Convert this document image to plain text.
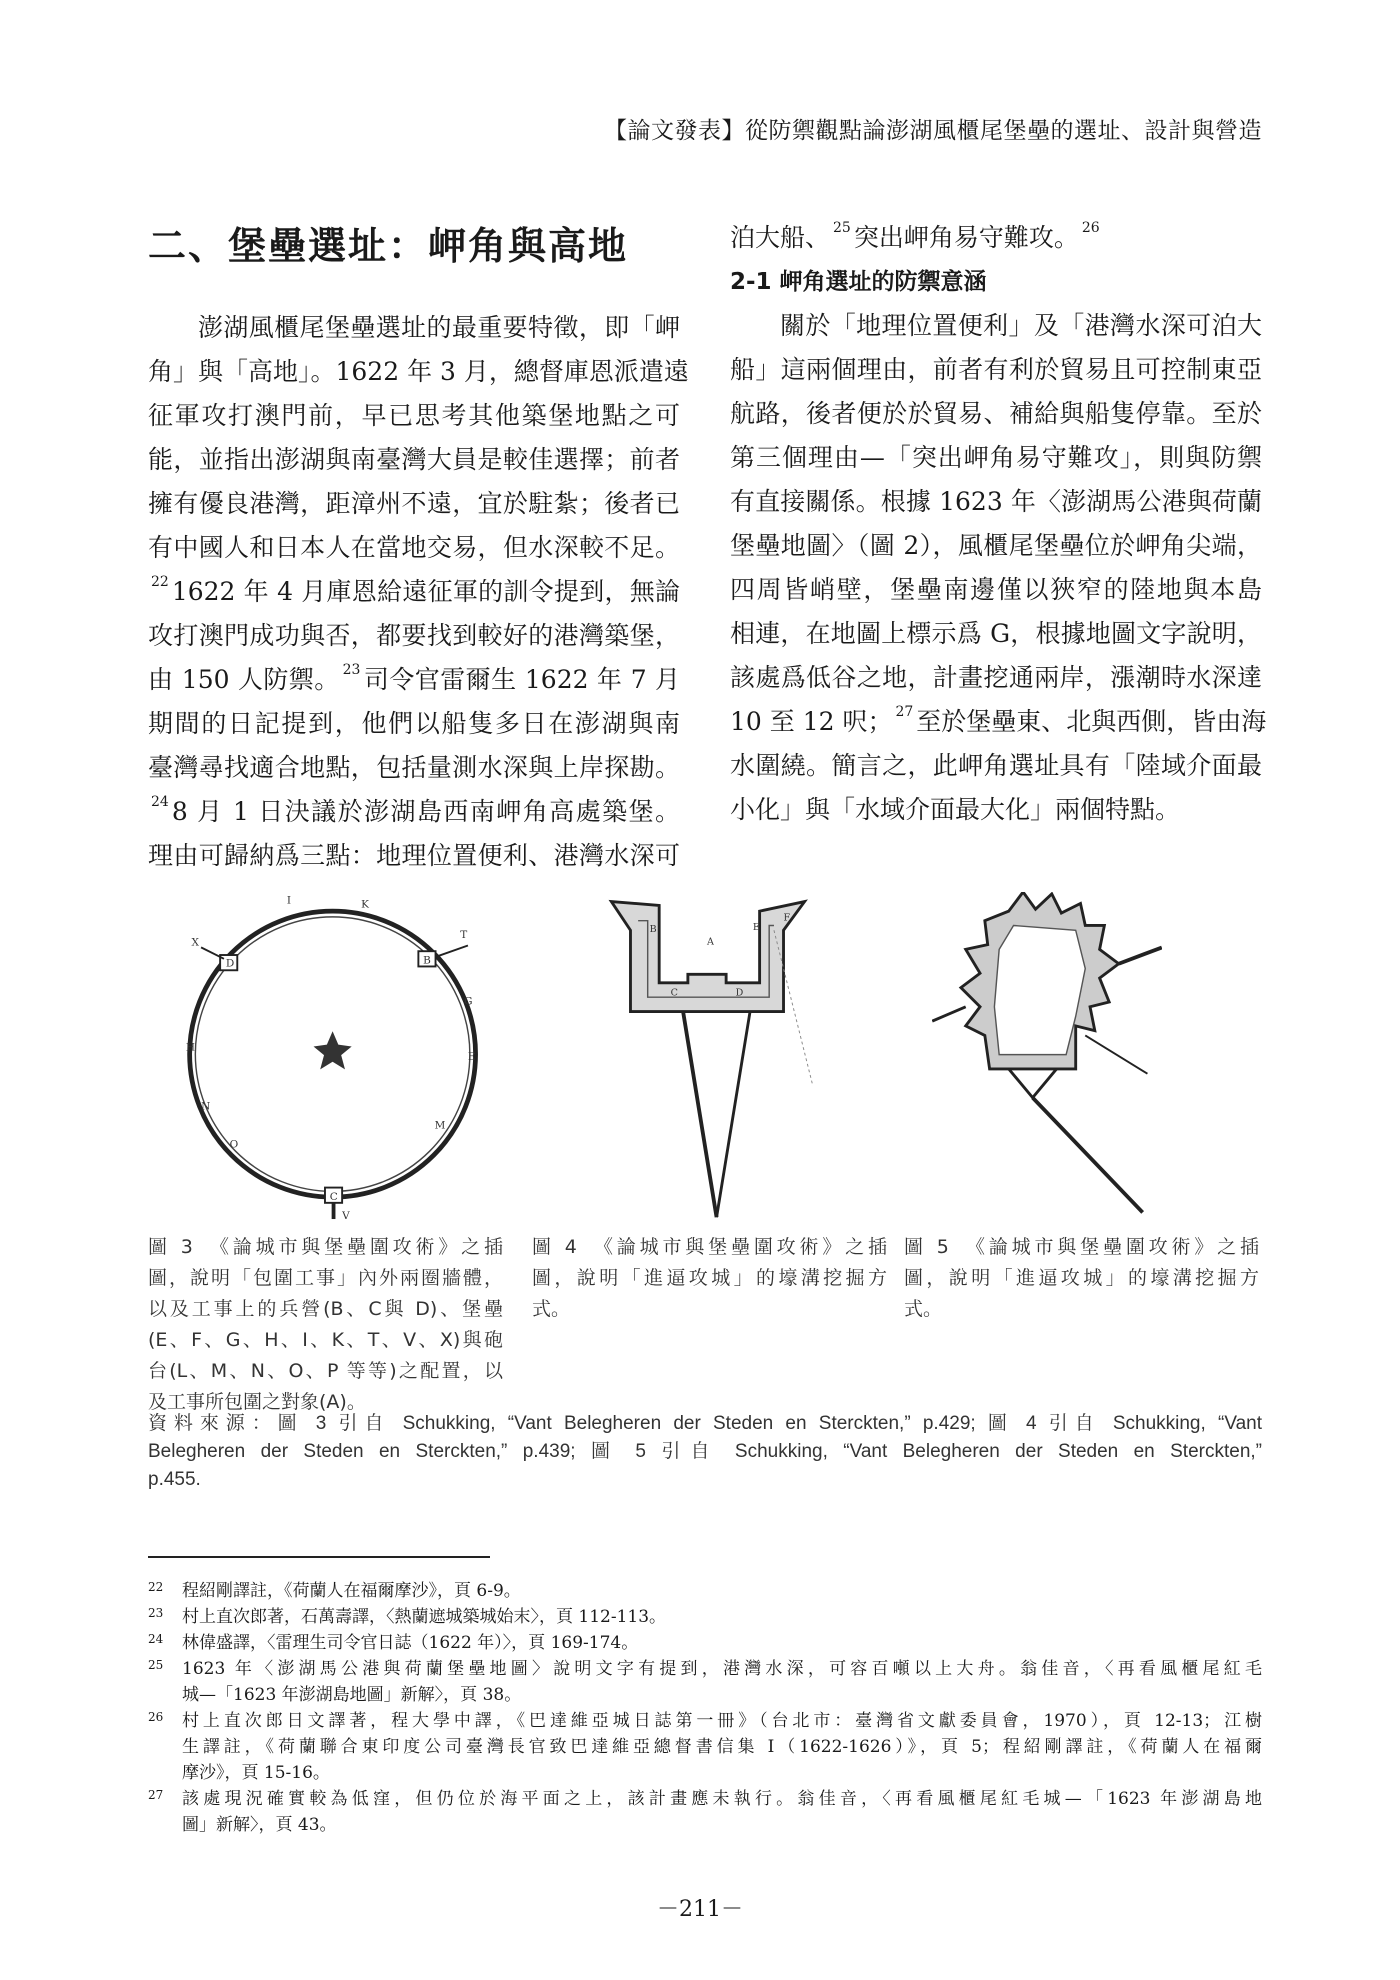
【論文發表】從防禦觀點論澎湖風櫃尾堡壘的選址、設計與營造
二、堡壘選址：岬角與高地
澎湖風櫃尾堡壘選址的最重要特徵，即「岬
角」與「高地」。1622 年 3 月，總督庫恩派遣遠
征軍攻打澳門前，早已思考其他築堡地點之可
能，並指出澎湖與南臺灣大員是較佳選擇；前者
擁有優良港灣，距漳州不遠，宜於駐紮；後者已
有中國人和日本人在當地交易，但水深較不足。
$^{22}$ 1622 年 4 月庫恩給遠征軍的訓令提到，無論
攻打澳門成功與否，都要找到較好的港灣築堡，
由 150 人防禦。 $^{23}$ 司令官雷爾生 1622 年 7 月
期間的日記提到，他們以船隻多日在澎湖與南
臺灣尋找適合地點，包括量測水深與上岸探勘。
$^{24}$ 8 月 1 日決議於澎湖島西南岬角高處築堡。
理由可歸納爲三點：地理位置便利、港灣水深可
泊大船、 $^{25}$ 突出岬角易守難攻。 $^{26}$
2-1 岬角選址的防禦意涵
關於「地理位置便利」及「港灣水深可泊大
船」這兩個理由，前者有利於貿易且可控制東亞
航路，後者便於於貿易、補給與船隻停靠。至於
第三個理由—「突出岬角易守難攻」，則與防禦
有直接關係。根據 1623 年〈澎湖馬公港與荷蘭
堡壘地圖〉（圖 2），風櫃尾堡壘位於岬角尖端，
四周皆峭壁，堡壘南邊僅以狹窄的陸地與本島
相連，在地圖上標示爲 G，根據地圖文字說明，
該處爲低谷之地，計畫挖通兩岸，漲潮時水深達
10 至 12 呎； $^{27}$ 至於堡壘東、北與西側，皆由海
水圍繞。簡言之，此岬角選址具有「陸域介面最
小化」與「水域介面最大化」兩個特點。
I	K
X
D	B
T
G
E
H
N
O
C
V
M
B
A
E
F
C	D
圖 3　《論城市與堡壘圍攻術》之插
圖，說明「包圍工事」內外兩圈牆體，
以及工事上的兵營(B、C與 D)、堡壘
(E、F、G、H、I、K、T、V、X)與砲
台(L、M、N、O、P 等等)之配置，以
及工事所包圍之對象(A)。
圖 4　《論城市與堡壘圍攻術》之插
圖，說明「進逼攻城」的壕溝挖掘方
式。
圖 5　《論城市與堡壘圍攻術》之插
圖，說明「進逼攻城」的壕溝挖掘方
式。
資料來源：圖 3 引自 Schukking, “Vant Belegheren der Steden en Sterckten,” p.429; 圖 4 引自 Schukking, “Vant
Belegheren der Steden en Sterckten,” p.439; 圖 5 引自 Schukking, “Vant Belegheren der Steden en Sterckten,”
p.455.
22 程紹剛譯註，《荷蘭人在福爾摩沙》，頁 6-9。
23 村上直次郎著，石萬壽譯，〈熱蘭遮城築城始末〉，頁 112-113。
24 林偉盛譯，〈雷理生司令官日誌（1622 年）〉，頁 169-174。
25 1623 年〈澎湖馬公港與荷蘭堡壘地圖〉說明文字有提到，港灣水深，可容百噸以上大舟。翁佳音，〈再看風櫃尾紅毛
城—「1623 年澎湖島地圖」新解〉，頁 38。
26 村上直次郎日文譯著，程大學中譯，《巴達維亞城日誌第一冊》（台北市：臺灣省文獻委員會，1970），頁 12-13；江樹
生譯註，《荷蘭聯合東印度公司臺灣長官致巴達維亞總督書信集 I（1622-1626）》，頁 5；程紹剛譯註，《荷蘭人在福爾
摩沙》，頁 15-16。
27 該處現況確實較為低窪，但仍位於海平面之上，該計畫應未執行。翁佳音，〈再看風櫃尾紅毛城—「1623 年澎湖島地
圖」新解〉，頁 43。
－211－
